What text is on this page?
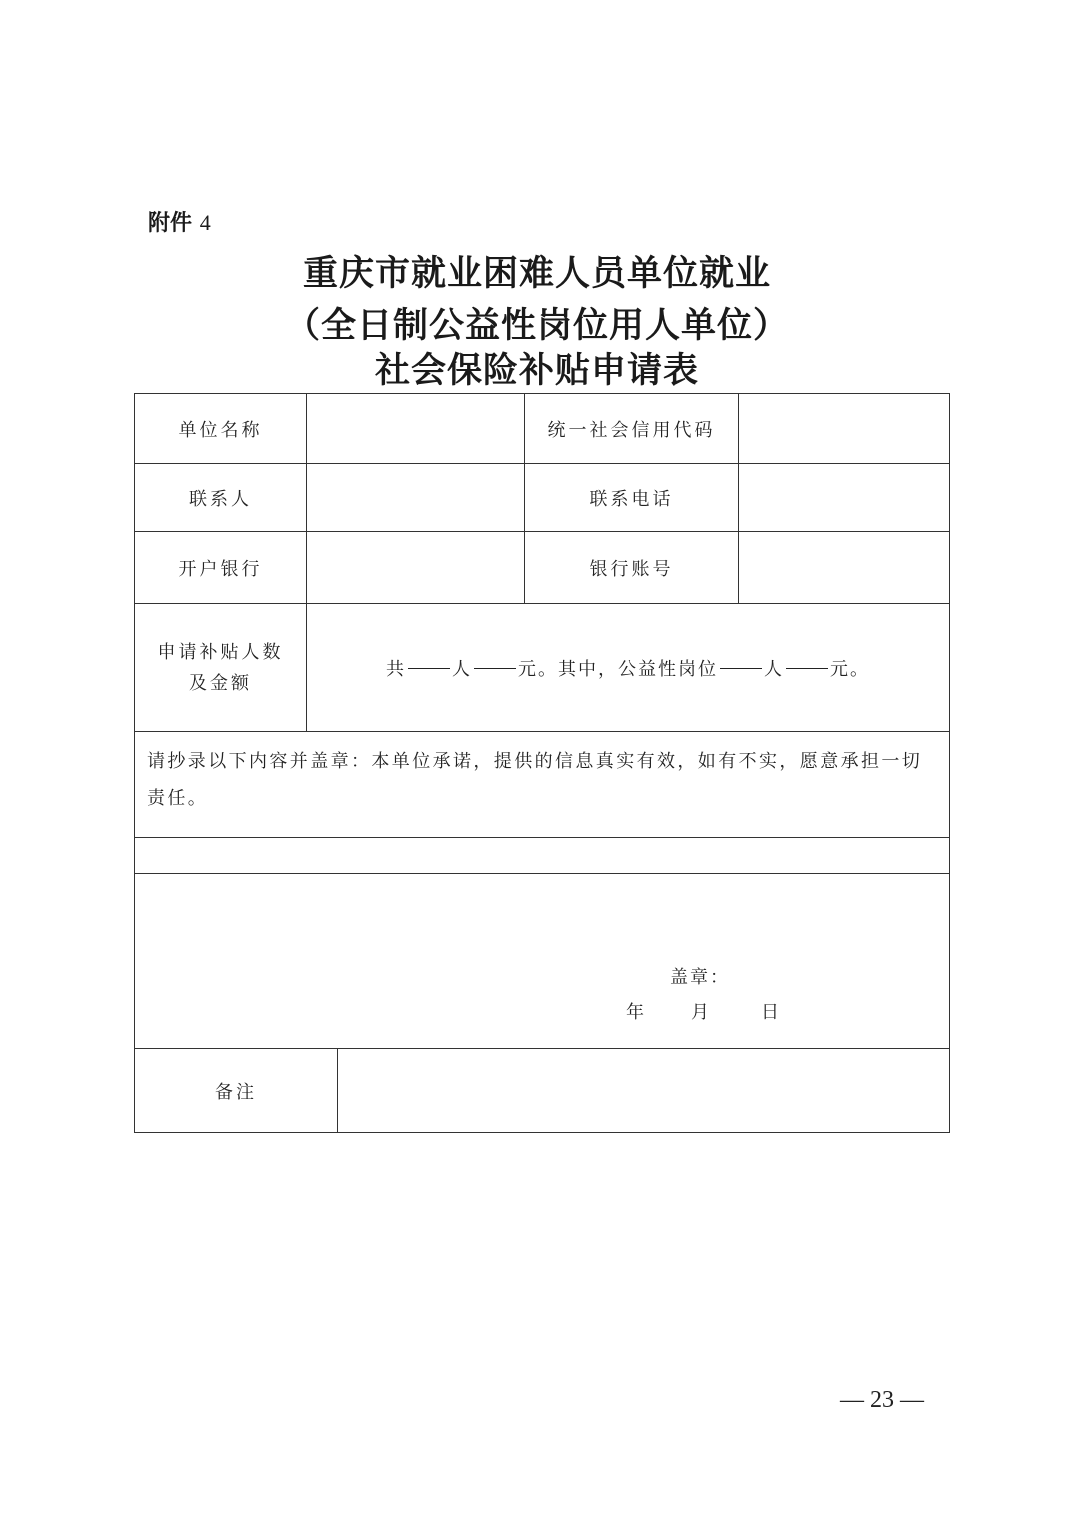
附件 4
重庆市就业困难人员单位就业
（全日制公益性岗位用人单位）
社会保险补贴申请表
单位名称	统一社会信用代码
联系人	联系电话
开户银行	银行账号
申请补贴人数
及金额
共	人	元。其中，公益性岗位	人	元。
请抄录以下内容并盖章：本单位承诺，提供的信息真实有效，如有不实，愿意承担一切责任。
盖章：
年	月	日
备注
— 23 —
